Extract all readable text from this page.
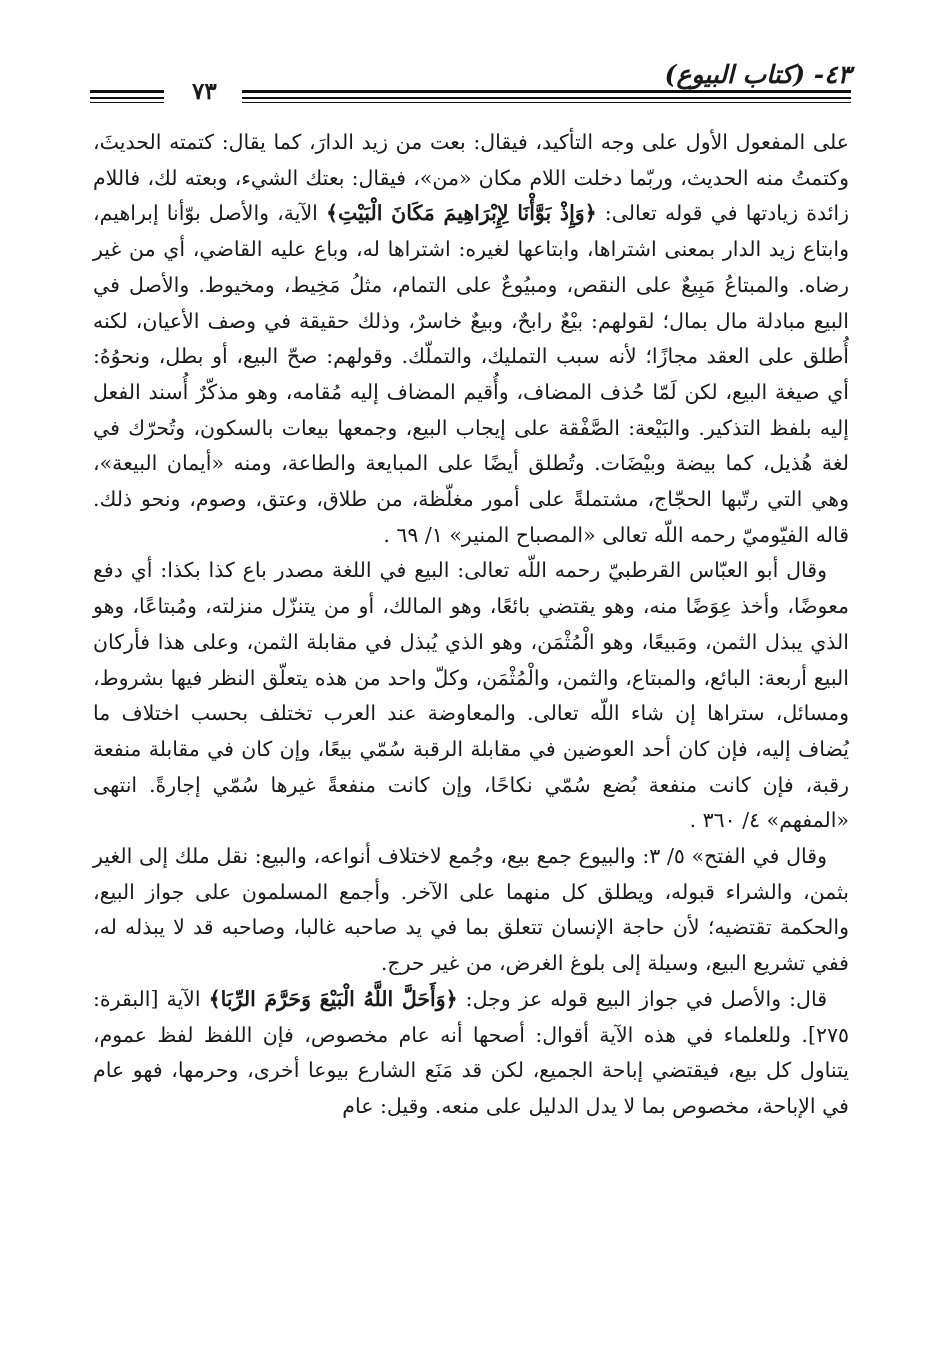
٤٣- (كتاب البيوع)
٧٣

على المفعول الأول على وجه التأكيد، فيقال: بعت من زيد الدارَ، كما يقال: كتمته الحديثَ، وكتمتُ منه الحديث، وربّما دخلت اللام مكان «من»، فيقال: بعتك الشيء، وبعته لك، فاللام زائدة زيادتها في قوله تعالى: ﴿وَإِذْ بَوَّأْنَا لِإِبْرَاهِيمَ مَكَانَ الْبَيْتِ﴾ الآية، والأصل بوّأنا إبراهيم، وابتاع زيد الدار بمعنى اشتراها، وابتاعها لغيره: اشتراها له، وباع عليه القاضي، أي من غير رضاه. والمبتاعُ مَبِيعٌ على النقص، ومبيُوعٌ على التمام، مثلُ مَخِيط، ومخيوط. والأصل في البيع مبادلة مال بمال؛ لقولهم: بيْعٌ رابحٌ، وبيعٌ خاسرٌ، وذلك حقيقة في وصف الأعيان، لكنه أُطلق على العقد مجازًا؛ لأنه سبب التمليك، والتملّك. وقولهم: صحّ البيع، أو بطل، ونحوُهُ: أي صيغة البيع، لكن لَمّا حُذف المضاف، وأُقيم المضاف إليه مُقامه، وهو مذكّرٌ أُسند الفعل إليه بلفظ التذكير. والبَيْعة: الصَّفْقة على إيجاب البيع، وجمعها بيعات بالسكون، وتُحرّك في لغة هُذيل، كما بيضة وبيْضَات. وتُطلق أيضًا على المبايعة والطاعة، ومنه «أيمان البيعة»، وهي التي رتّبها الحجّاج، مشتملةً على أمور مغلّظة، من طلاق، وعتق، وصوم، ونحو ذلك. قاله الفيّوميّ رحمه اللّه تعالى «المصباح المنير» ١/ ٦٩ .

وقال أبو العبّاس القرطبيّ رحمه اللّه تعالى: البيع في اللغة مصدر باع كذا بكذا: أي دفع معوضًا، وأخذ عِوَضًا منه، وهو يقتضي بائعًا، وهو المالك، أو من يتنزّل منزلته، ومُبتاعًا، وهو الذي يبذل الثمن، ومَبيعًا، وهو الْمُثْمَن، وهو الذي يُبذل في مقابلة الثمن، وعلى هذا فأركان البيع أربعة: البائع، والمبتاع، والثمن، والْمُثْمَن، وكلّ واحد من هذه يتعلّق النظر فيها بشروط، ومسائل، ستراها إن شاء اللّه تعالى. والمعاوضة عند العرب تختلف بحسب اختلاف ما يُضاف إليه، فإن كان أحد العوضين في مقابلة الرقبة سُمّي بيعًا، وإن كان في مقابلة منفعة رقبة، فإن كانت منفعة بُضع سُمّي نكاحًا، وإن كانت منفعةً غيرها سُمّي إجارةً. انتهى «المفهم» ٤/ ٣٦٠ .

وقال في الفتح» ٥/ ٣: والبيوع جمع بيع، وجُمع لاختلاف أنواعه، والبيع: نقل ملك إلى الغير بثمن، والشراء قبوله، ويطلق كل منهما على الآخر. وأجمع المسلمون على جواز البيع، والحكمة تقتضيه؛ لأن حاجة الإنسان تتعلق بما في يد صاحبه غالبا، وصاحبه قد لا يبذله له، ففي تشريع البيع، وسيلة إلى بلوغ الغرض، من غير حرج.

قال: والأصل في جواز البيع قوله عز وجل: ﴿وَأَحَلَّ اللَّهُ الْبَيْعَ وَحَرَّمَ الرِّبَا﴾ الآية [البقرة: ٢٧٥]. وللعلماء في هذه الآية أقوال: أصحها أنه عام مخصوص، فإن اللفظ لفظ عموم، يتناول كل بيع، فيقتضي إباحة الجميع، لكن قد مَنَع الشارع بيوعا أخرى، وحرمها، فهو عام في الإباحة، مخصوص بما لا يدل الدليل على منعه. وقيل: عام
